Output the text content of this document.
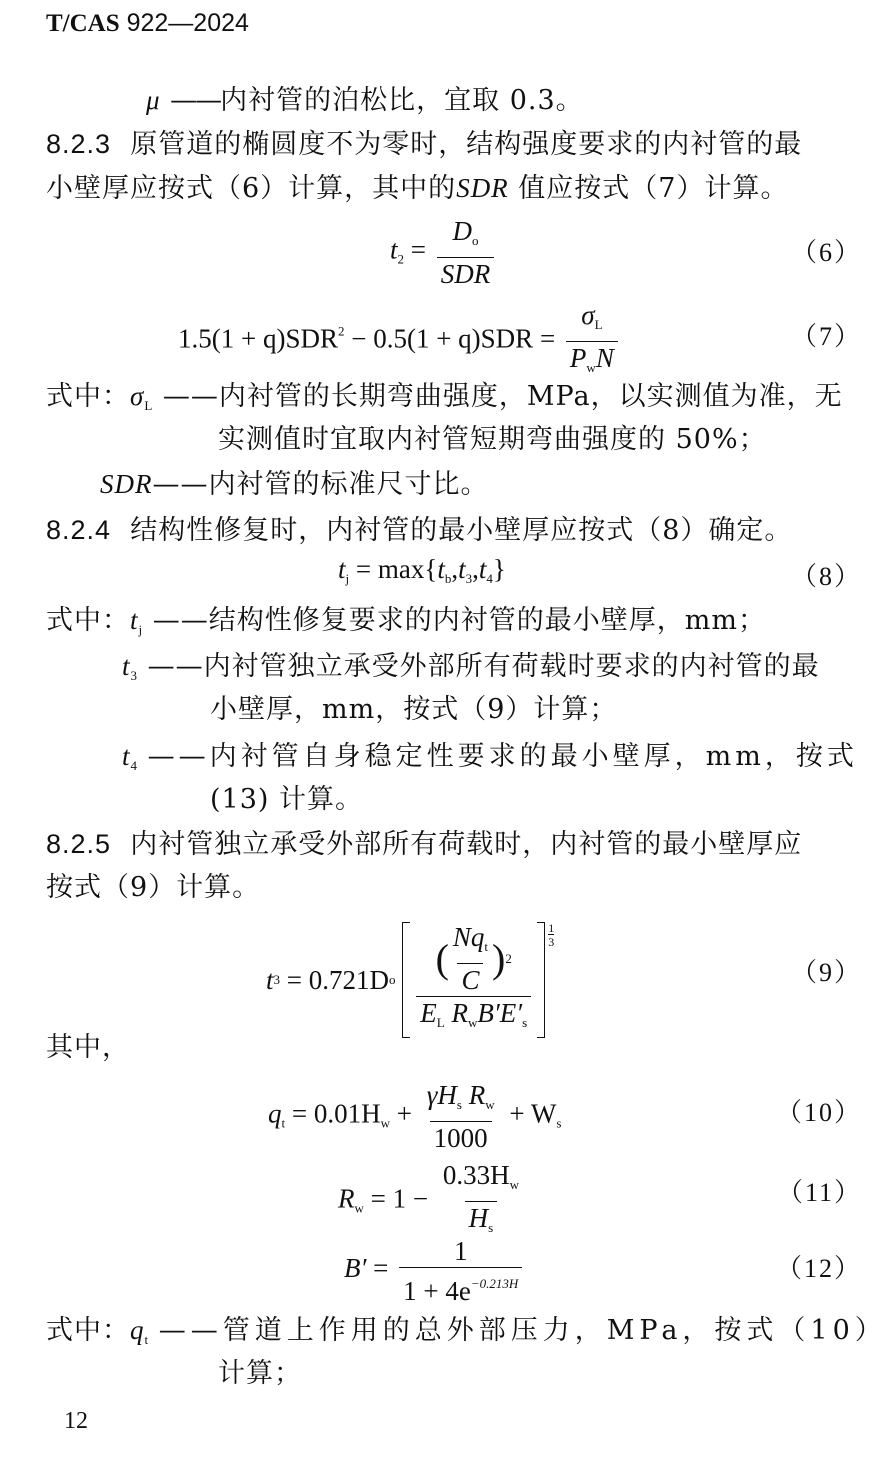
T/CAS 922—2024
μ ——内衬管的泊松比，宜取 0.3。
8.2.3 原管道的椭圆度不为零时，结构强度要求的内衬管的最
小壁厚应按式（6）计算，其中的SDR 值应按式（7）计算。
$t_2 = \frac{D_o}{\text{SDR}}$	（6）
$1.5(1 + q)SDR^2 - 0.5(1 + q)SDR = \frac{\sigma_L}{P_wN}$	（7）
式中：$\sigma_L$ ——内衬管的长期弯曲强度，MPa，以实测值为准，无
实测值时宜取内衬管短期弯曲强度的 50%；
SDR——内衬管的标准尺寸比。
8.2.4 结构性修复时，内衬管的最小壁厚应按式（8）确定。
$t_j = \max\{t_b,t_3,t_4\}$	（8）
式中：$t_j$ ——结构性修复要求的内衬管的最小壁厚，mm；
$t_3$ ——内衬管独立承受外部所有荷载时要求的内衬管的最
小壁厚，mm，按式（9）计算；
$t_4$ ——内衬管自身稳定性要求的最小壁厚，mm，按式
(13) 计算。
8.2.5 内衬管独立承受外部所有荷载时，内衬管的最小壁厚应
按式（9）计算。
t 3
= 0.721D o
$\frac{( \frac{Nq_t}{C} ) 2}{E_L R_wB'E'_s} \frac{1}{3}$
（9）
其中，
$q_t = 0.01H_w + \frac{\gamma H_s R_w}{1000} + W_s$	（10）
$R_w = 1 - \frac{0.33H_w}{H_s}$	（11）
$B' = \frac{1}{1 + 4e^{-0.213H}}$	（12）
式中：$q_t$ ——管道上作用的总外部压力，MPa，按式（10）
计算；
12
